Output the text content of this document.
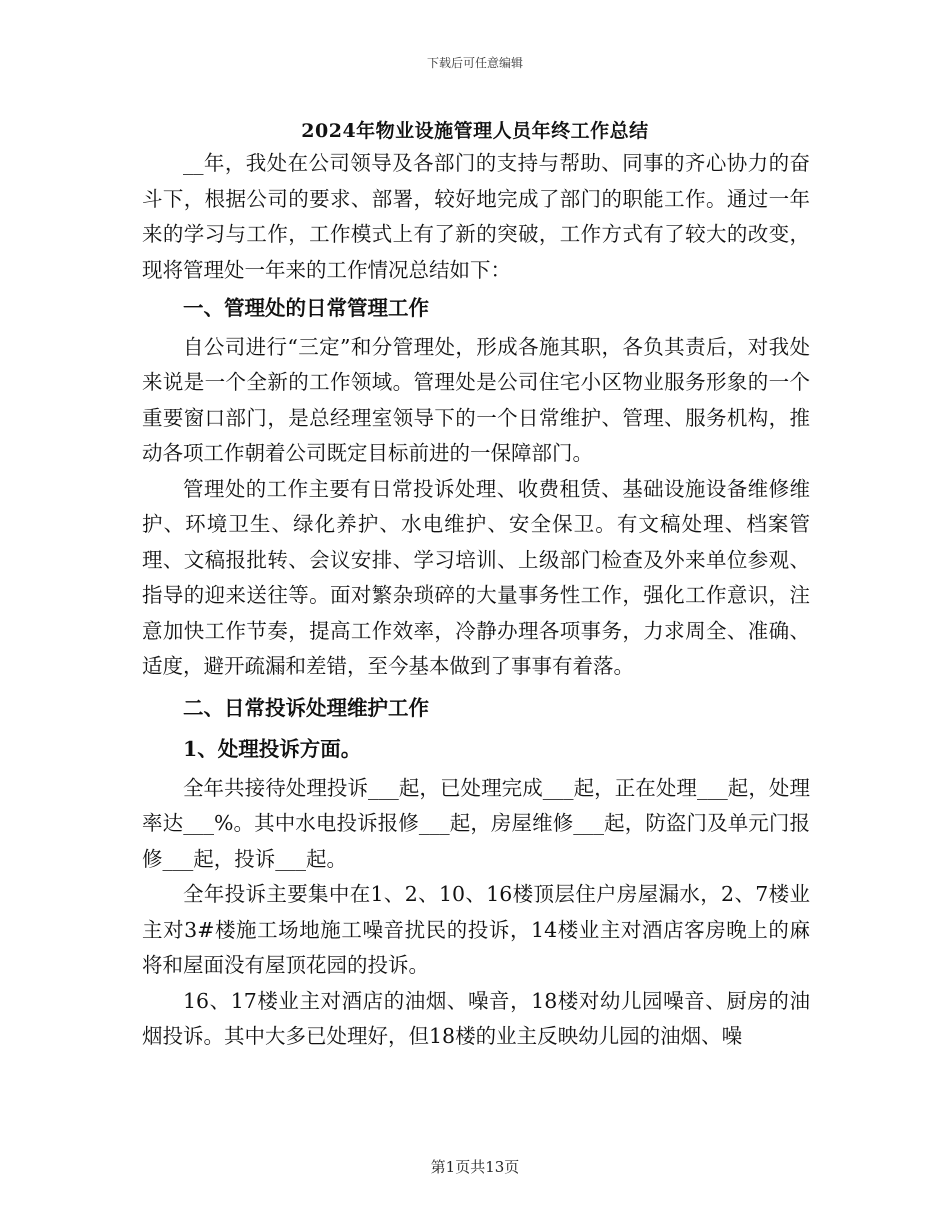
下载后可任意编辑
2024年物业设施管理人员年终工作总结

__年，我处在公司领导及各部门的支持与帮助、同事的齐心协力的奋斗下，根据公司的要求、部署，较好地完成了部门的职能工作。通过一年来的学习与工作，工作模式上有了新的突破，工作方式有了较大的改变，现将管理处一年来的工作情况总结如下：

一、管理处的日常管理工作

自公司进行“三定”和分管理处，形成各施其职，各负其责后，对我处来说是一个全新的工作领域。管理处是公司住宅小区物业服务形象的一个重要窗口部门，是总经理室领导下的一个日常维护、管理、服务机构，推动各项工作朝着公司既定目标前进的一保障部门。

管理处的工作主要有日常投诉处理、收费租赁、基础设施设备维修维护、环境卫生、绿化养护、水电维护、安全保卫。有文稿处理、档案管理、文稿报批转、会议安排、学习培训、上级部门检查及外来单位参观、指导的迎来送往等。面对繁杂琐碎的大量事务性工作，强化工作意识，注意加快工作节奏，提高工作效率，冷静办理各项事务，力求周全、准确、适度，避开疏漏和差错，至今基本做到了事事有着落。

二、日常投诉处理维护工作

1、处理投诉方面。

全年共接待处理投诉___起，已处理完成___起，正在处理___起，处理率达___%。其中水电投诉报修___起，房屋维修___起，防盗门及单元门报修___起，投诉___起。

全年投诉主要集中在1、2、10、16楼顶层住户房屋漏水，2、7楼业主对3#楼施工场地施工噪音扰民的投诉，14楼业主对酒店客房晚上的麻将和屋面没有屋顶花园的投诉。

16、17楼业主对酒店的油烟、噪音，18楼对幼儿园噪音、厨房的油烟投诉。其中大多已处理好，但18楼的业主反映幼儿园的油烟、噪

第1页共13页
